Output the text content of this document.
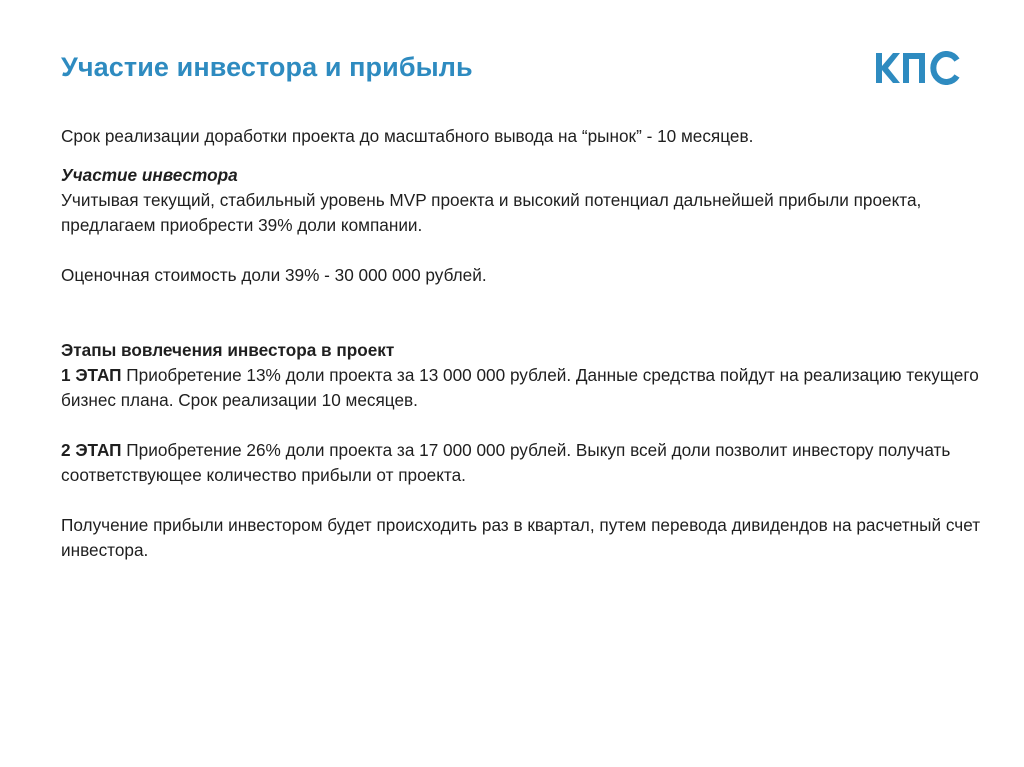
Участие инвестора и прибыль

Срок реализации доработки проекта до масштабного вывода на “рынок” - 10 месяцев.

Участие инвестора

Учитывая текущий, стабильный уровень MVP проекта и высокий потенциал дальнейшей прибыли проекта, предлагаем приобрести 39% доли компании.

Оценочная стоимость доли 39% - 30 000 000 рублей.

Этапы вовлечения инвестора в проект

1 ЭТАП Приобретение 13% доли проекта за 13 000 000 рублей. Данные средства пойдут на реализацию текущего бизнес плана. Срок реализации 10 месяцев.

2 ЭТАП Приобретение 26% доли проекта за 17 000 000 рублей. Выкуп всей доли позволит инвестору получать соответствующее количество прибыли от проекта.

Получение прибыли инвестором будет происходить раз в квартал, путем перевода дивидендов на расчетный счет инвестора.
